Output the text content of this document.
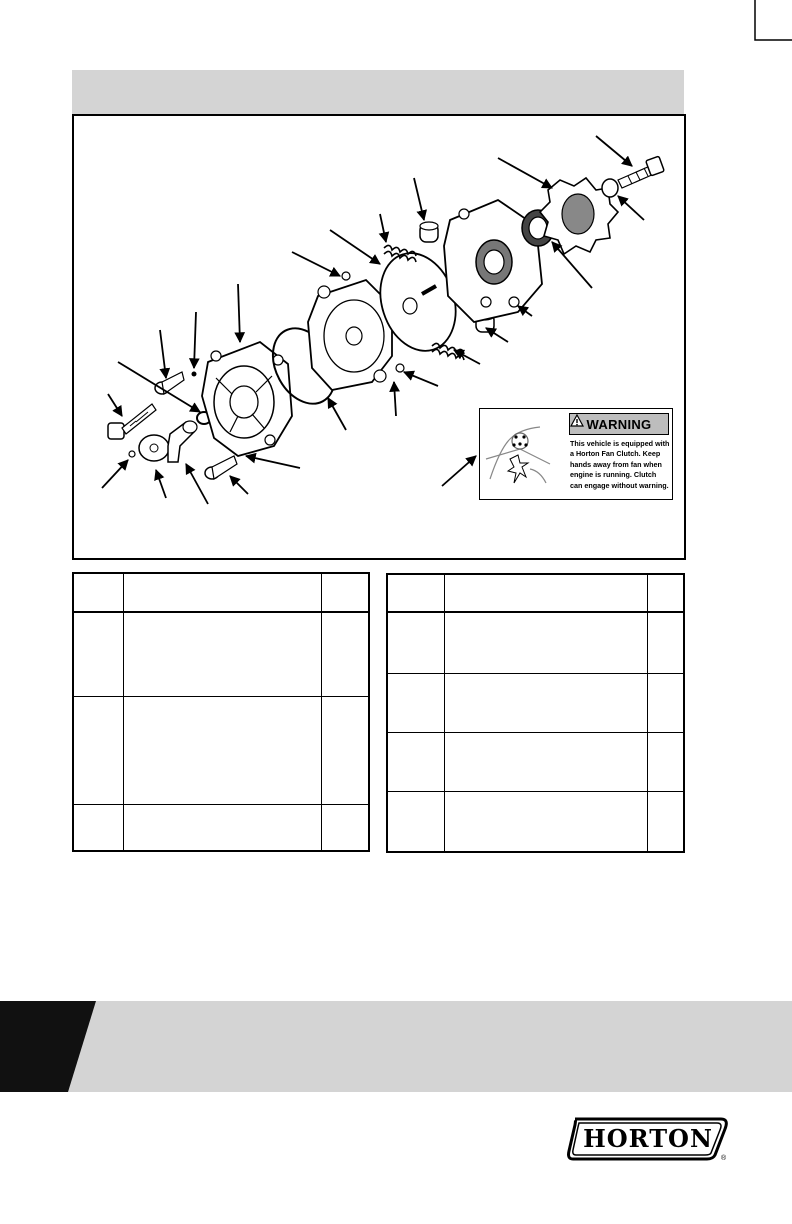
WARNING
This vehicle is equipped with
a Horton Fan Clutch. Keep
hands away from fan when
engine is running. Clutch
can engage without warning.

HORTON
®
